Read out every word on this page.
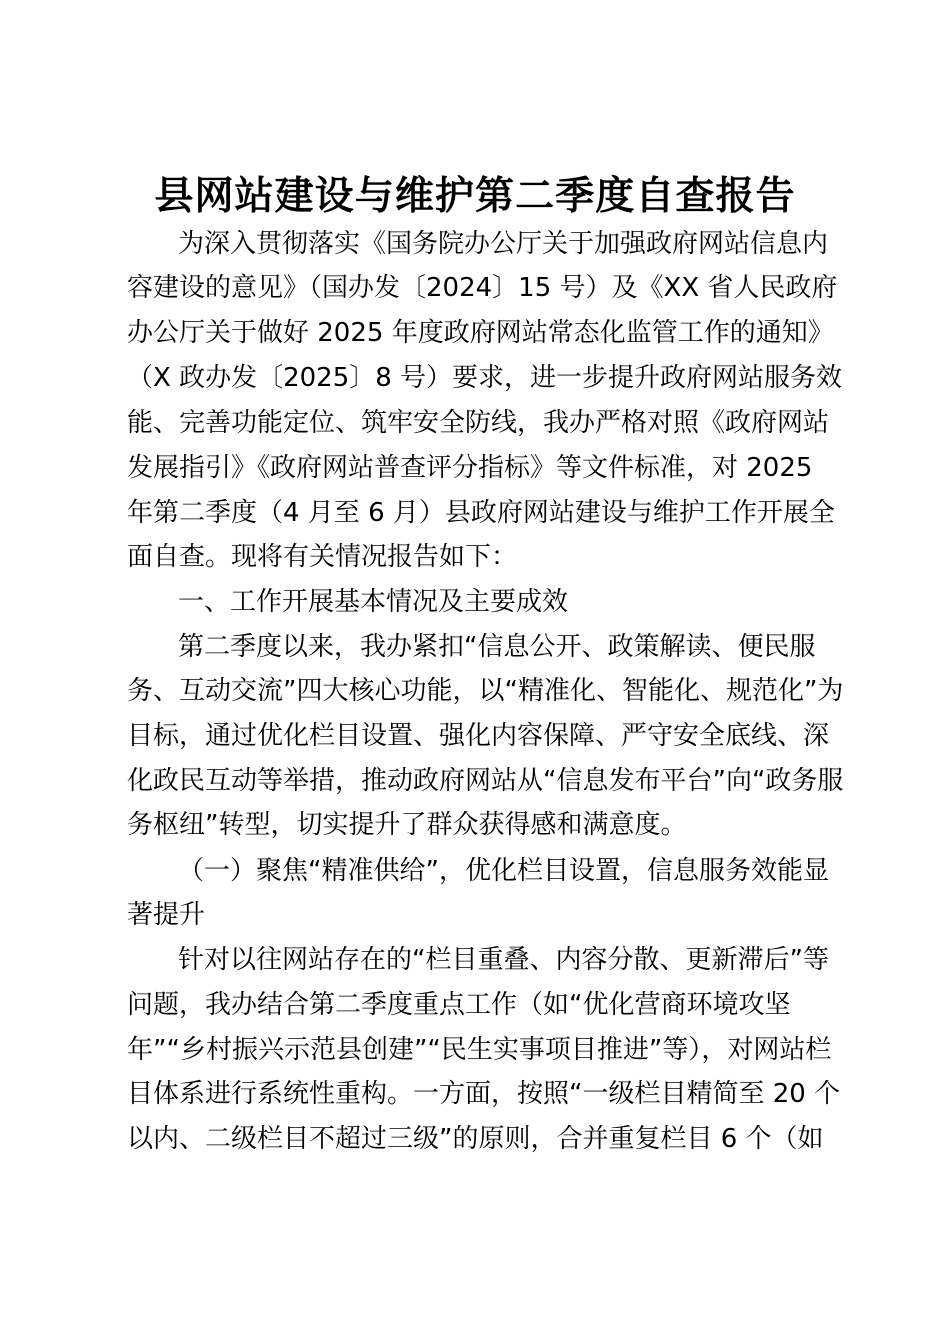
县网站建设与维护第二季度自查报告
为深入贯彻落实《国务院办公厅关于加强政府网站信息内
容建设的意见》（国办发〔2024〕15 号）及《XX 省人民政府
办公厅关于做好 2025 年度政府网站常态化监管工作的通知》
（X 政办发〔2025〕8 号）要求，进一步提升政府网站服务效
能、完善功能定位、筑牢安全防线，我办严格对照《政府网站
发展指引》《政府网站普查评分指标》等文件标准，对 2025
年第二季度（4 月至 6 月）县政府网站建设与维护工作开展全
面自查。现将有关情况报告如下：
一、工作开展基本情况及主要成效
第二季度以来，我办紧扣“信息公开、政策解读、便民服
务、互动交流”四大核心功能，以“精准化、智能化、规范化”为
目标，通过优化栏目设置、强化内容保障、严守安全底线、深
化政民互动等举措，推动政府网站从“信息发布平台”向“政务服
务枢纽”转型，切实提升了群众获得感和满意度。
（一）聚焦“精准供给”，优化栏目设置，信息服务效能显
著提升
针对以往网站存在的“栏目重叠、内容分散、更新滞后”等
问题，我办结合第二季度重点工作（如“优化营商环境攻坚
年”“乡村振兴示范县创建”“民生实事项目推进”等），对网站栏
目体系进行系统性重构。一方面，按照“一级栏目精简至 20 个
以内、二级栏目不超过三级”的原则，合并重复栏目 6 个（如
